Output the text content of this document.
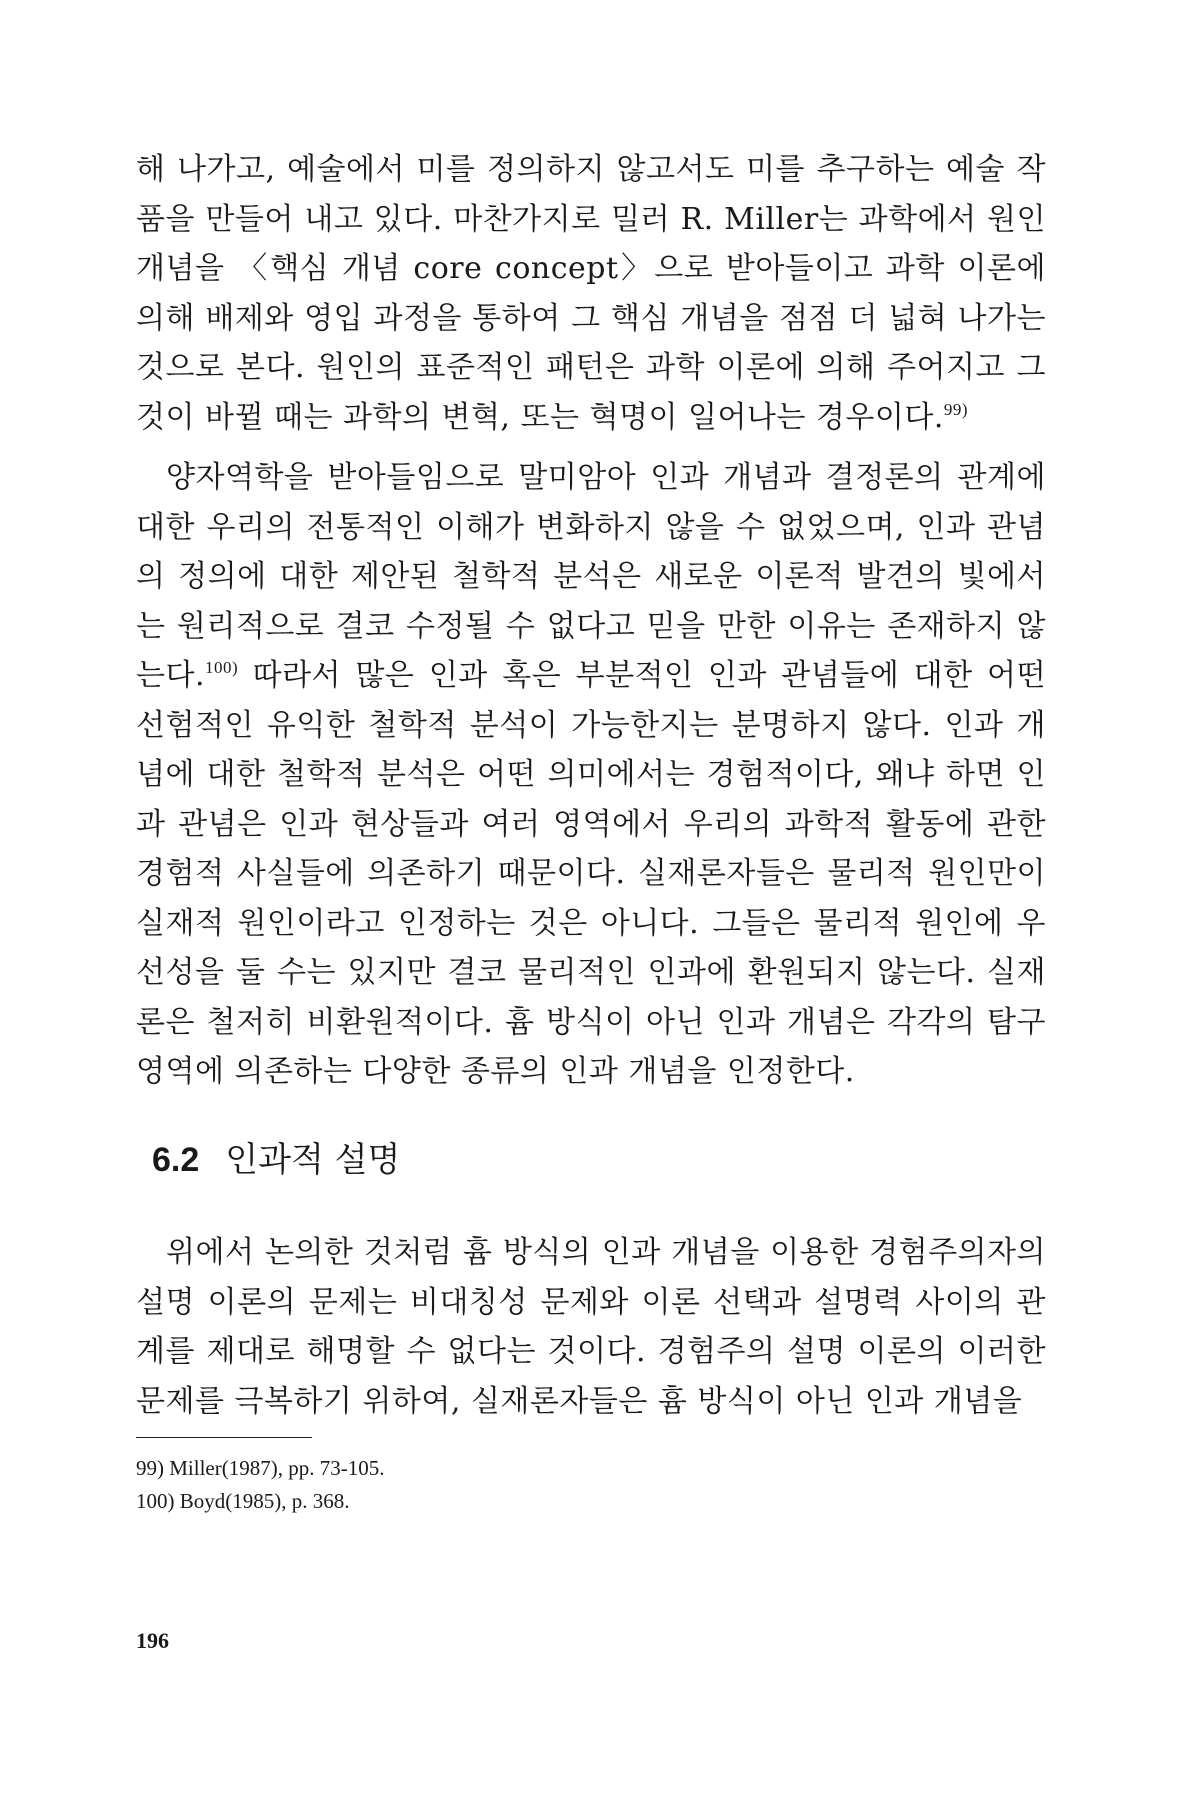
해 나가고, 예술에서 미를 정의하지 않고서도 미를 추구하는 예술 작품을 만들어 내고 있다. 마찬가지로 밀러 R. Miller는 과학에서 원인 개념을 〈핵심 개념 core concept〉으로 받아들이고 과학 이론에 의해 배제와 영입 과정을 통하여 그 핵심 개념을 점점 더 넓혀 나가는 것으로 본다. 원인의 표준적인 패턴은 과학 이론에 의해 주어지고 그것이 바뀔 때는 과학의 변혁, 또는 혁명이 일어나는 경우이다.$^{99)}$

양자역학을 받아들임으로 말미암아 인과 개념과 결정론의 관계에 대한 우리의 전통적인 이해가 변화하지 않을 수 없었으며, 인과 관념의 정의에 대한 제안된 철학적 분석은 새로운 이론적 발견의 빛에서는 원리적으로 결코 수정될 수 없다고 믿을 만한 이유는 존재하지 않는다.$^{100)}$ 따라서 많은 인과 혹은 부분적인 인과 관념들에 대한 어떤 선험적인 유익한 철학적 분석이 가능한지는 분명하지 않다. 인과 개념에 대한 철학적 분석은 어떤 의미에서는 경험적이다, 왜냐 하면 인과 관념은 인과 현상들과 여러 영역에서 우리의 과학적 활동에 관한 경험적 사실들에 의존하기 때문이다. 실재론자들은 물리적 원인만이 실재적 원인이라고 인정하는 것은 아니다. 그들은 물리적 원인에 우선성을 둘 수는 있지만 결코 물리적인 인과에 환원되지 않는다. 실재론은 철저히 비환원적이다. 흄 방식이 아닌 인과 개념은 각각의 탐구 영역에 의존하는 다양한 종류의 인과 개념을 인정한다.

6.2 인과적 설명

위에서 논의한 것처럼 흄 방식의 인과 개념을 이용한 경험주의자의 설명 이론의 문제는 비대칭성 문제와 이론 선택과 설명력 사이의 관계를 제대로 해명할 수 없다는 것이다. 경험주의 설명 이론의 이러한 문제를 극복하기 위하여, 실재론자들은 흄 방식이 아닌 인과 개념을

99) Miller(1987), pp. 73-105.

100) Boyd(1985), p. 368.

196
